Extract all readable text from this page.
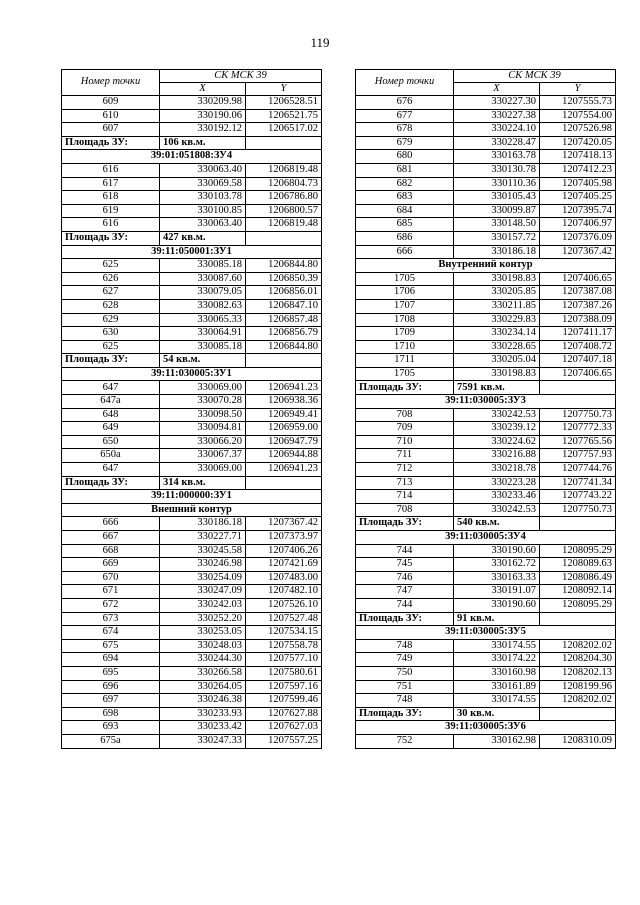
119
Номер точки	СК МСК 39	
	X	Y
609	330209.98	1206528.51
610	330190.06	1206521.75
607	330192.12	1206517.02
Площадь ЗУ:	106 кв.м.	
39:01:051808:ЗУ4		
616	330063.40	1206819.48
617	330069.58	1206804.73
618	330103.78	1206786.80
619	330100.85	1206800.57
616	330063.40	1206819.48
Площадь ЗУ:	427 кв.м.	
39:11:050001:ЗУ1		
625	330085.18	1206844.80
626	330087.60	1206850.39
627	330079.05	1206856.01
628	330082.63	1206847.10
629	330065.33	1206857.48
630	330064.91	1206856.79
625	330085.18	1206844.80
Площадь ЗУ:	54 кв.м.	
39:11:030005:ЗУ1		
647	330069.00	1206941.23
647а	330070.28	1206938.36
648	330098.50	1206949.41
649	330094.81	1206959.00
650	330066.20	1206947.79
650а	330067.37	1206944.88
647	330069.00	1206941.23
Площадь ЗУ:	314 кв.м.	
39:11:000000:ЗУ1		
Внешний контур		
666	330186.18	1207367.42
667	330227.71	1207373.97
668	330245.58	1207406.26
669	330246.98	1207421.69
670	330254.09	1207483.00
671	330247.09	1207482.10
672	330242.03	1207526.10
673	330252.20	1207527.48
674	330253.05	1207534.15
675	330248.03	1207558.78
694	330244.30	1207577.10
695	330266.58	1207580.61
696	330264.05	1207597.16
697	330246.38	1207599.46
698	330233.93	1207627.88
693	330233.42	1207627.03
675а	330247.33	1207557.25
Номер точки	СК МСК 39	
	X	Y
676	330227.30	1207555.73
677	330227.38	1207554.00
678	330224.10	1207526.98
679	330228.47	1207420.05
680	330163.78	1207418.13
681	330130.78	1207412.23
682	330110.36	1207405.98
683	330105.43	1207405.25
684	330099.87	1207395.74
685	330148.50	1207406.97
686	330157.72	1207376.09
666	330186.18	1207367.42
Внутренний контур		
1705	330198.83	1207406.65
1706	330205.85	1207387.08
1707	330211.85	1207387.26
1708	330229.83	1207388.09
1709	330234.14	1207411.17
1710	330228.65	1207408.72
1711	330205.04	1207407.18
1705	330198.83	1207406.65
Площадь ЗУ:	7591 кв.м.	
39:11:030005:ЗУ3		
708	330242.53	1207750.73
709	330239.12	1207772.33
710	330224.62	1207765.56
711	330216.88	1207757.93
712	330218.78	1207744.76
713	330223.28	1207741.34
714	330233.46	1207743.22
708	330242.53	1207750.73
Площадь ЗУ:	540 кв.м.	
39:11:030005:ЗУ4		
744	330190.60	1208095.29
745	330162.72	1208089.63
746	330163.33	1208086.49
747	330191.07	1208092.14
744	330190.60	1208095.29
Площадь ЗУ:	91 кв.м.	
39:11:030005:ЗУ5		
748	330174.55	1208202.02
749	330174.22	1208204.30
750	330160.98	1208202.13
751	330161.89	1208199.96
748	330174.55	1208202.02
Площадь ЗУ:	30 кв.м.	
39:11:030005:ЗУ6		
752	330162.98	1208310.09
